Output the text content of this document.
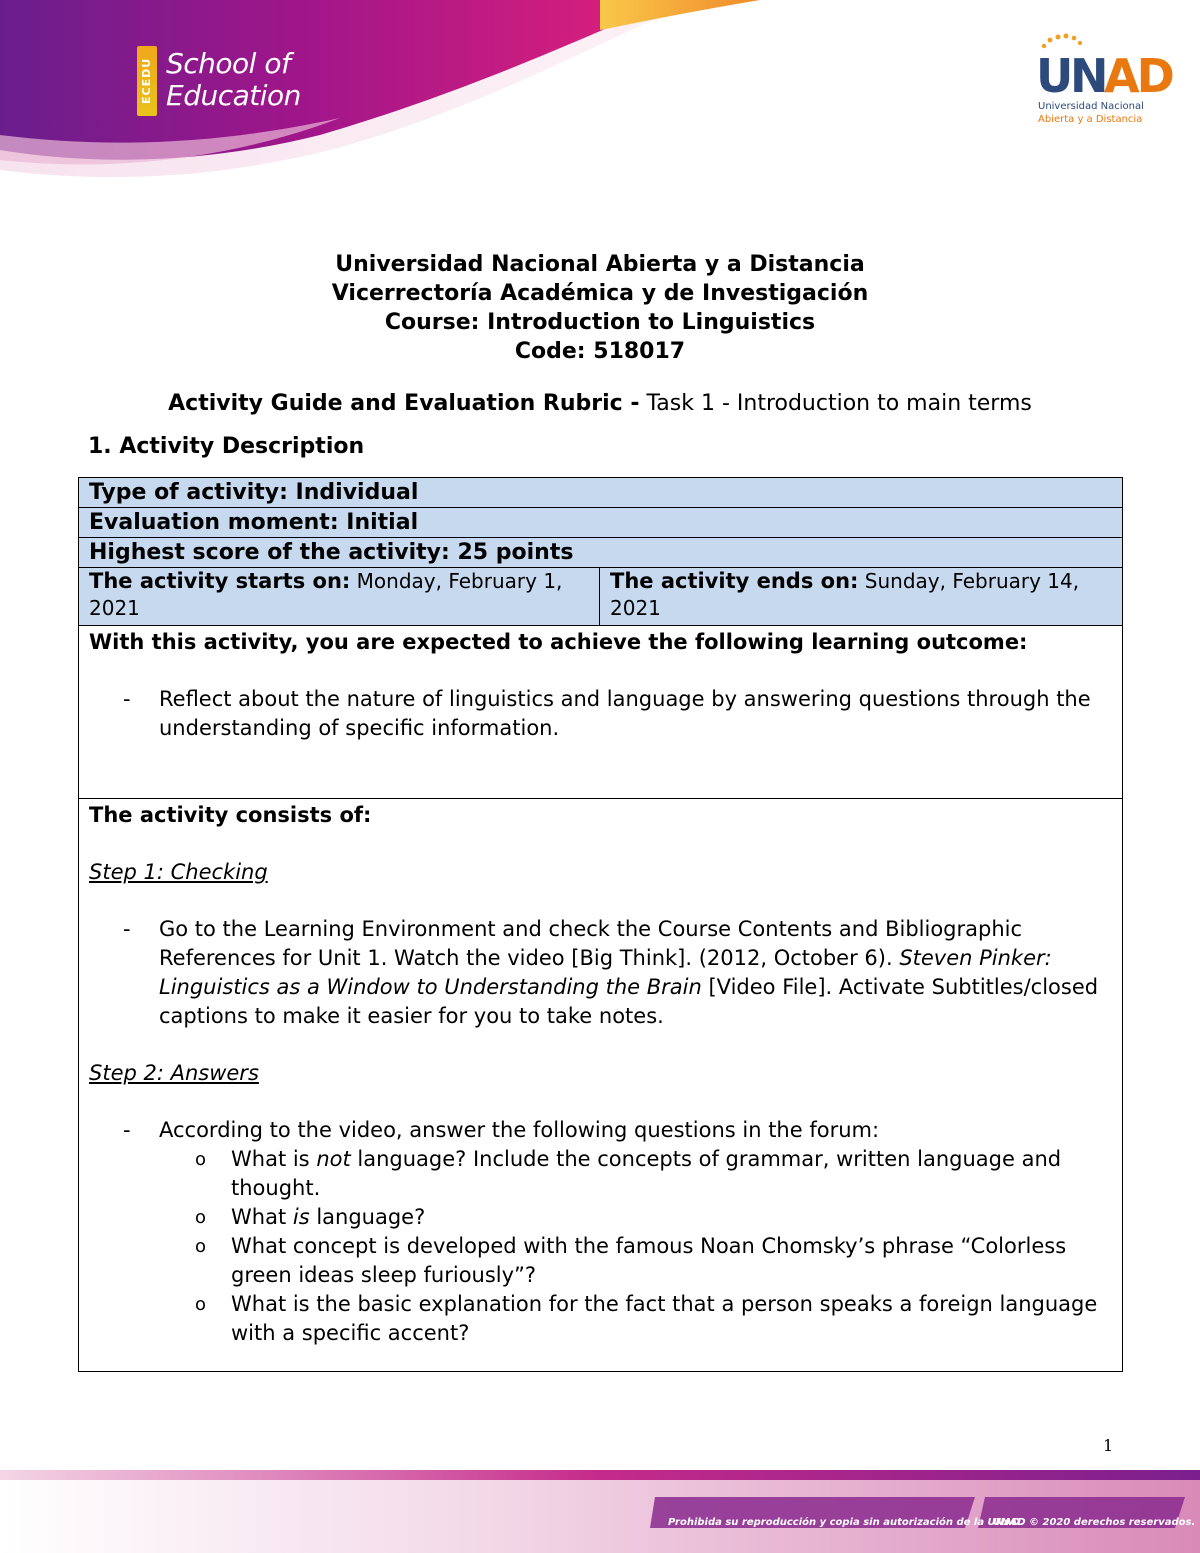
ECEDU School of
Education	U N
AD
Universidad Nacional
Abierta y a Distancia
Universidad Nacional Abierta y a Distancia
Vicerrectoría Académica y de Investigación
Course: Introduction to Linguistics
Code: 518017
Activity Guide and Evaluation Rubric - Task 1 - Introduction to main terms
1. Activity Description
Type of activity: Individual
Evaluation moment: Initial
Highest score of the activity: 25 points
The activity starts on: Monday, February 1, 2021	The activity ends on: Sunday, February 14, 2021

With this activity, you are expected to achieve the following learning outcome:
- Reflect about the nature of linguistics and language by answering questions through the understanding of specific information.

The activity consists of:
Step 1: Checking
- Go to the Learning Environment and check the Course Contents and Bibliographic References for Unit 1. Watch the video [Big Think]. (2012, October 6). Steven Pinker: Linguistics as a Window to Understanding the Brain [Video File]. Activate Subtitles/closed captions to make it easier for you to take notes.
Step 2: Answers
- According to the video, answer the following questions in the forum:
o What is not language? Include the concepts of grammar, written language and thought.
o What is language?
o What concept is developed with the famous Noan Chomsky’s phrase “Colorless green ideas sleep furiously”?
o What is the basic explanation for the fact that a person speaks a foreign language with a specific accent?
1
Prohibida su reproducción y copia sin autorización de la UNAD.
UNAD © 2020 derechos reservados.
